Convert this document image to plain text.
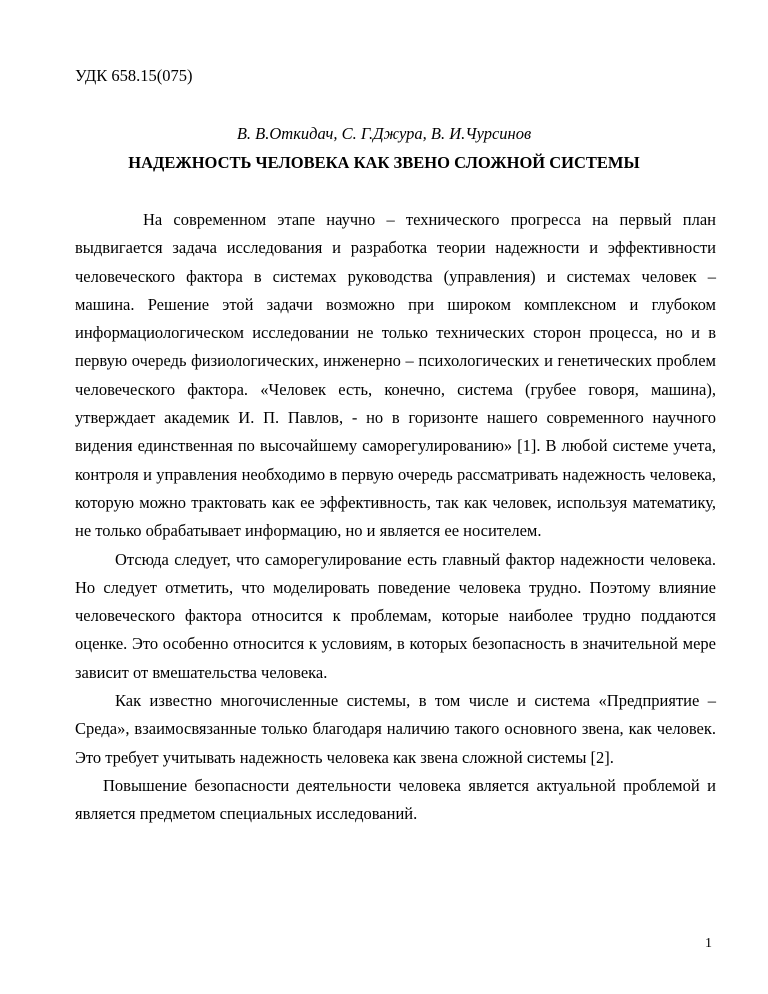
УДК 658.15(075)
В. В.Откидач, С. Г.Джура, В. И.Чурсинов
НАДЕЖНОСТЬ ЧЕЛОВЕКА КАК ЗВЕНО СЛОЖНОЙ СИСТЕМЫ

На современном этапе научно – технического прогресса на первый план выдвигается задача исследования и разработка теории надежности и эффективности человеческого фактора в системах руководства (управления) и системах человек – машина. Решение этой задачи возможно при широком комплексном и глубоком информациологическом исследовании не только технических сторон процесса, но и в первую очередь физиологических, инженерно – психологических и генетических проблем человеческого фактора. «Человек есть, конечно, система (грубее говоря, машина), утверждает академик И. П. Павлов, - но в горизонте нашего современного научного видения единственная по высочайшему саморегулированию» [1]. В любой системе учета, контроля и управления необходимо в первую очередь рассматривать надежность человека, которую можно трактовать как ее эффективность, так как человек, используя математику, не только обрабатывает информацию, но и является ее носителем.

Отсюда следует, что саморегулирование есть главный фактор надежности человека. Но следует отметить, что моделировать поведение человека трудно. Поэтому влияние человеческого фактора относится к проблемам, которые наиболее трудно поддаются оценке. Это особенно относится к условиям, в которых безопасность в значительной мере зависит от вмешательства человека.

Как известно многочисленные системы, в том числе и система «Предприятие – Среда», взаимосвязанные только благодаря наличию такого основного звена, как человек. Это требует учитывать надежность человека как звена сложной системы [2].

Повышение безопасности деятельности человека является актуальной проблемой и является предметом специальных исследований.

1
